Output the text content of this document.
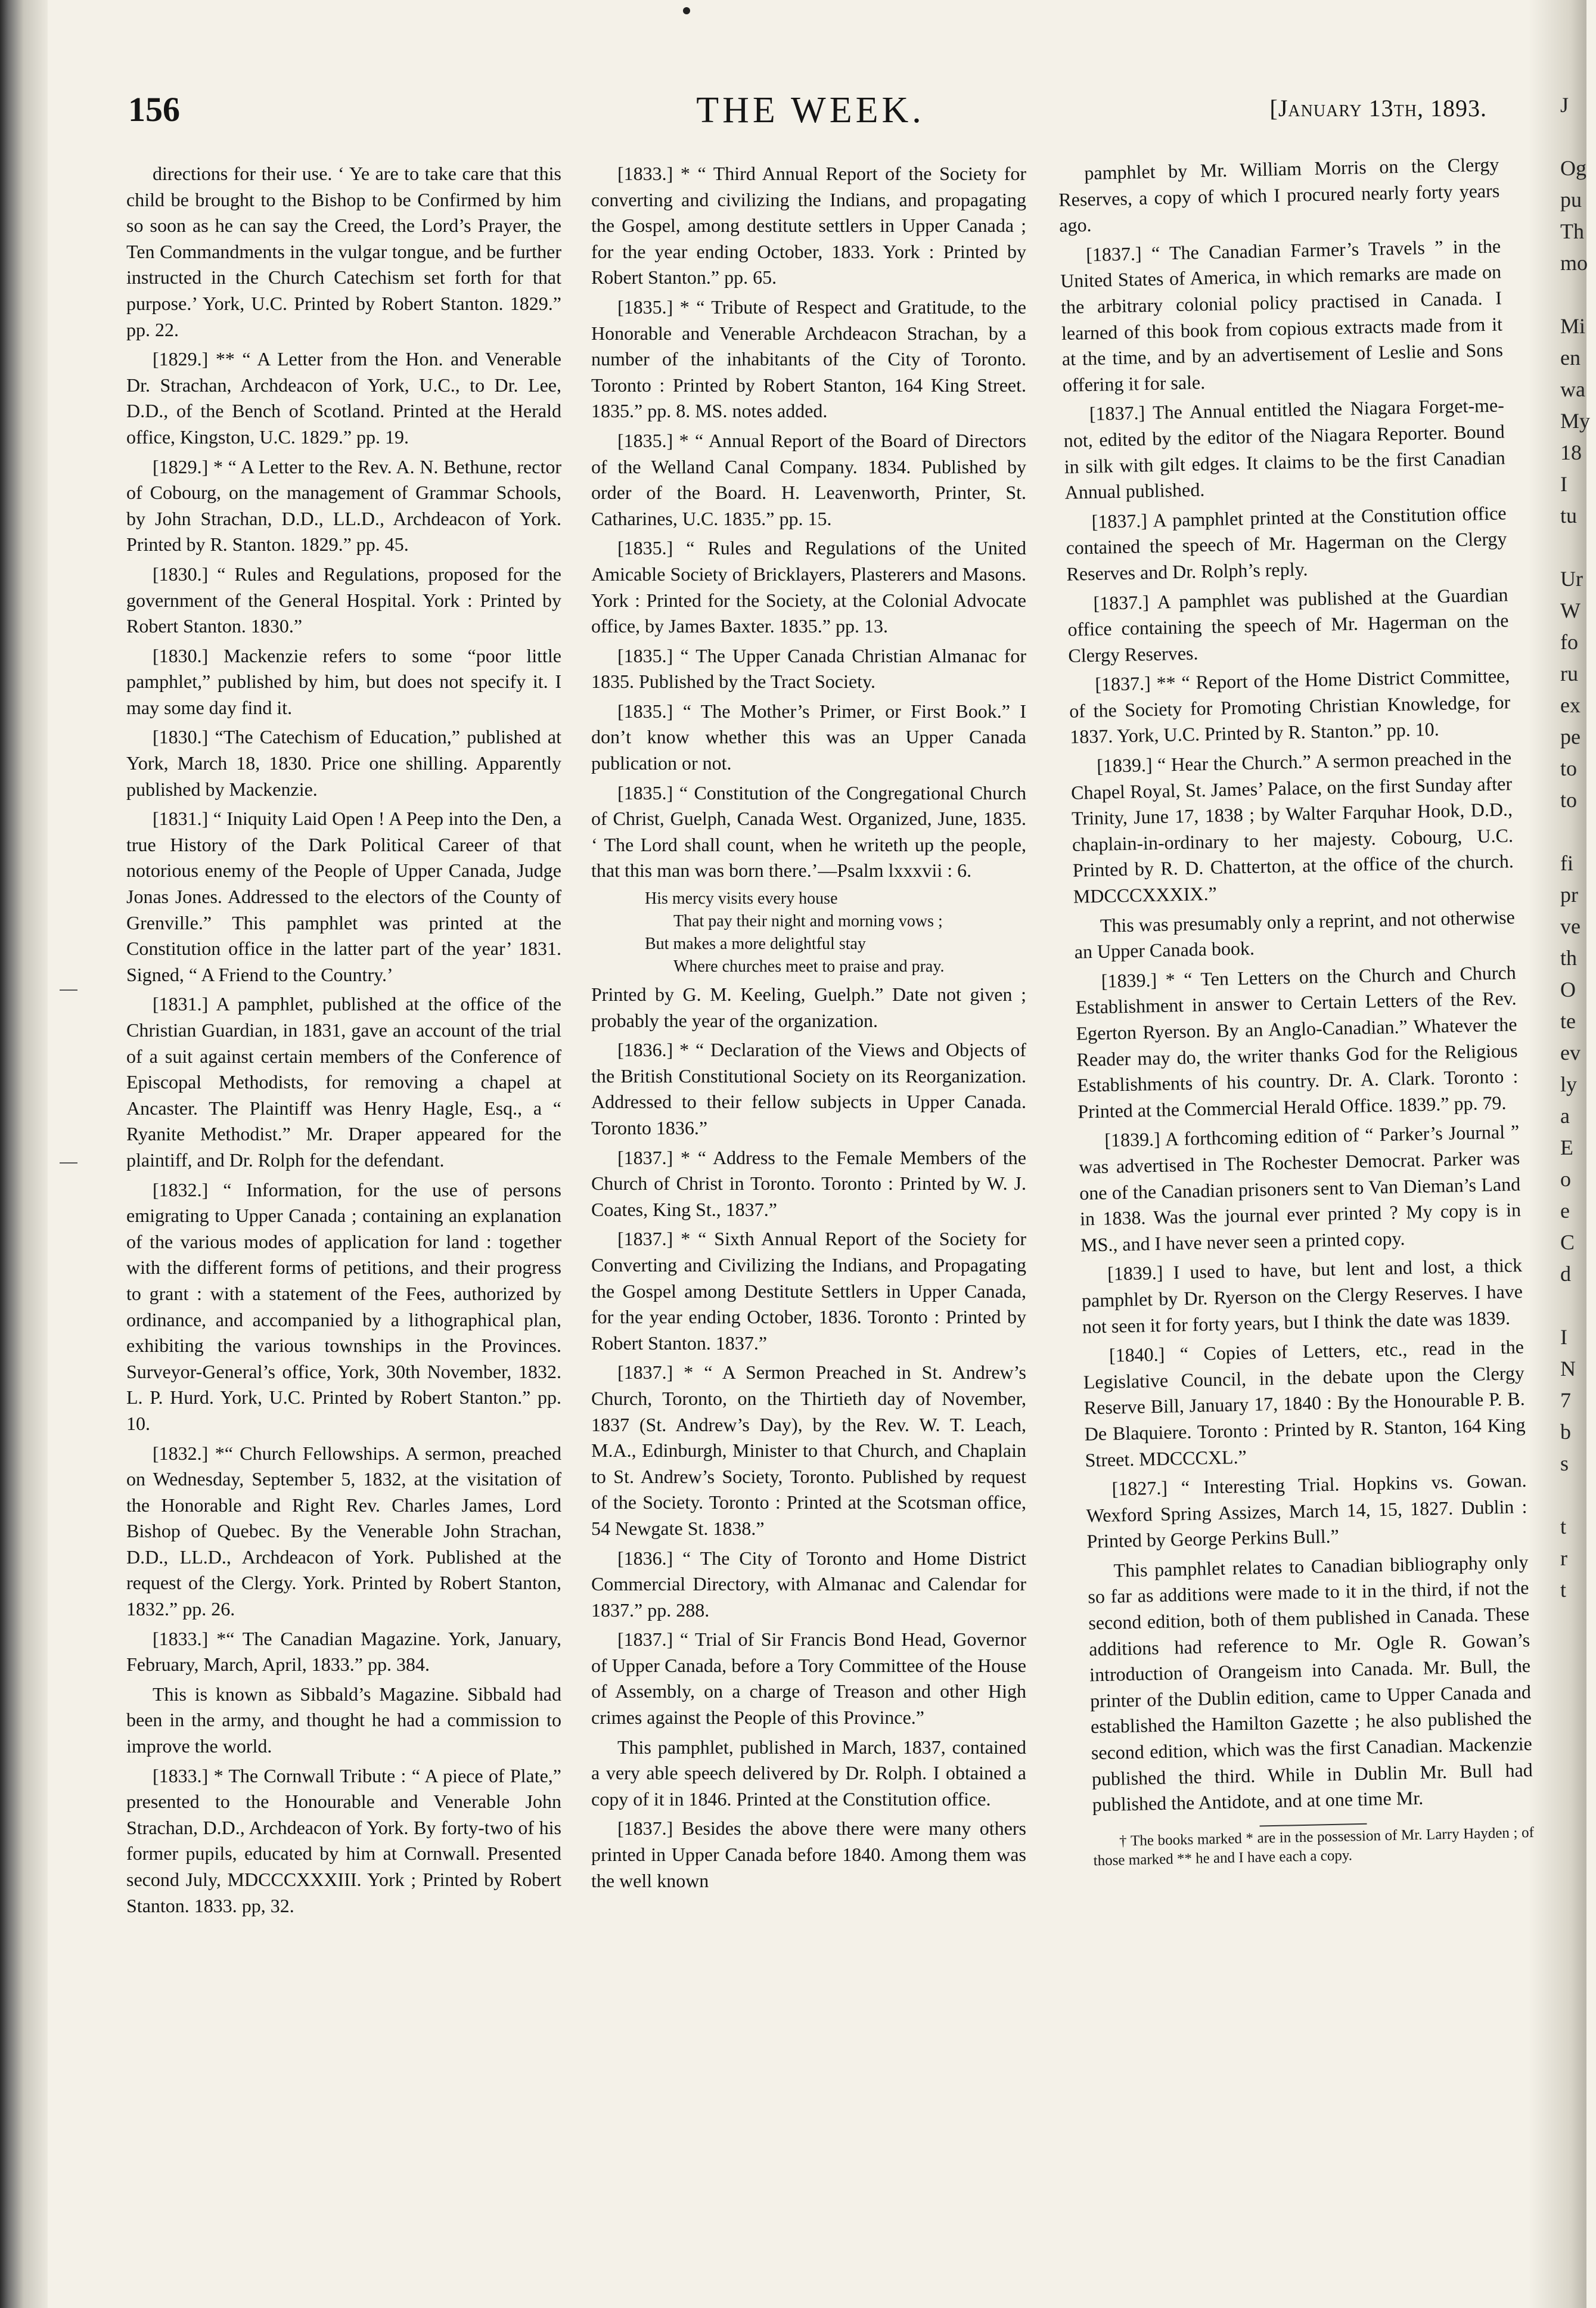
THE WEEK.
156	[January 13th, 1893.

directions for their use. ‘ Ye are to take care that this child be brought to the Bishop to be Confirmed by him so soon as he can say the Creed, the Lord’s Prayer, the Ten Commandments in the vulgar tongue, and be further instructed in the Church Catechism set forth for that purpose.’ York, U.C. Printed by Robert Stanton. 1829.” pp. 22.

[1829.] ** “ A Letter from the Hon. and Venerable Dr. Strachan, Archdeacon of York, U.C., to Dr. Lee, D.D., of the Bench of Scotland. Printed at the Herald office, Kingston, U.C. 1829.” pp. 19.

[1829.] * “ A Letter to the Rev. A. N. Bethune, rector of Cobourg, on the management of Grammar Schools, by John Strachan, D.D., LL.D., Archdeacon of York. Printed by R. Stanton. 1829.” pp. 45.

[1830.] “ Rules and Regulations, proposed for the government of the General Hospital. York : Printed by Robert Stanton. 1830.”

[1830.] Mackenzie refers to some “poor little pamphlet,” published by him, but does not specify it. I may some day find it.

[1830.] “The Catechism of Education,” published at York, March 18, 1830. Price one shilling. Apparently published by Mackenzie.

[1831.] “ Iniquity Laid Open ! A Peep into the Den, a true History of the Dark Political Career of that notorious enemy of the People of Upper Canada, Judge Jonas Jones. Addressed to the electors of the County of Grenville.” This pamphlet was printed at the Constitution office in the latter part of the year’ 1831. Signed, “ A Friend to the Country.’

[1831.] A pamphlet, published at the office of the Christian Guardian, in 1831, gave an account of the trial of a suit against certain members of the Conference of Episcopal Methodists, for removing a chapel at Ancaster. The Plaintiff was Henry Hagle, Esq., a “ Ryanite Methodist.” Mr. Draper appeared for the plaintiff, and Dr. Rolph for the defendant.

[1832.] “ Information, for the use of persons emigrating to Upper Canada ; containing an explanation of the various modes of application for land : together with the different forms of petitions, and their progress to grant : with a statement of the Fees, authorized by ordinance, and accompanied by a lithographical plan, exhibiting the various townships in the Provinces. Surveyor-General’s office, York, 30th November, 1832. L. P. Hurd. York, U.C. Printed by Robert Stanton.” pp. 10.

[1832.] *“ Church Fellowships. A sermon, preached on Wednesday, September 5, 1832, at the visitation of the Honorable and Right Rev. Charles James, Lord Bishop of Quebec. By the Venerable John Strachan, D.D., LL.D., Archdeacon of York. Published at the request of the Clergy. York. Printed by Robert Stanton, 1832.” pp. 26.

[1833.] *“ The Canadian Magazine. York, January, February, March, April, 1833.” pp. 384.

This is known as Sibbald’s Magazine. Sibbald had been in the army, and thought he had a commission to improve the world.

[1833.] * The Cornwall Tribute : “ A piece of Plate,” presented to the Honourable and Venerable John Strachan, D.D., Archdeacon of York. By forty-two of his former pupils, educated by him at Cornwall. Presented second July, MDCCCXXXIII. York ; Printed by Robert Stanton. 1833. pp, 32.

[1833.] * “ Third Annual Report of the Society for converting and civilizing the Indians, and propagating the Gospel, among destitute settlers in Upper Canada ; for the year ending October, 1833. York : Printed by Robert Stanton.” pp. 65.

[1835.] * “ Tribute of Respect and Gratitude, to the Honorable and Venerable Archdeacon Strachan, by a number of the inhabitants of the City of Toronto. Toronto : Printed by Robert Stanton, 164 King Street. 1835.” pp. 8. MS. notes added.

[1835.] * “ Annual Report of the Board of Directors of the Welland Canal Company. 1834. Published by order of the Board. H. Leavenworth, Printer, St. Catharines, U.C. 1835.” pp. 15.

[1835.] “ Rules and Regulations of the United Amicable Society of Bricklayers, Plasterers and Masons. York : Printed for the Society, at the Colonial Advocate office, by James Baxter. 1835.” pp. 13.

[1835.] “ The Upper Canada Christian Almanac for 1835. Published by the Tract Society.

[1835.] “ The Mother’s Primer, or First Book.” I don’t know whether this was an Upper Canada publication or not.

[1835.] “ Constitution of the Congregational Church of Christ, Guelph, Canada West. Organized, June, 1835. ‘ The Lord shall count, when he writeth up the people, that this man was born there.’—Psalm lxxxvii : 6.

His mercy visits every house
That pay their night and morning vows ;
But makes a more delightful stay
Where churches meet to praise and pray.

Printed by G. M. Keeling, Guelph.” Date not given ; probably the year of the organization.

[1836.] * “ Declaration of the Views and Objects of the British Constitutional Society on its Reorganization. Addressed to their fellow subjects in Upper Canada. Toronto 1836.”

[1837.] * “ Address to the Female Members of the Church of Christ in Toronto. Toronto : Printed by W. J. Coates, King St., 1837.”

[1837.] * “ Sixth Annual Report of the Society for Converting and Civilizing the Indians, and Propagating the Gospel among Destitute Settlers in Upper Canada, for the year ending October, 1836. Toronto : Printed by Robert Stanton. 1837.”

[1837.] * “ A Sermon Preached in St. Andrew’s Church, Toronto, on the Thirtieth day of November, 1837 (St. Andrew’s Day), by the Rev. W. T. Leach, M.A., Edinburgh, Minister to that Church, and Chaplain to St. Andrew’s Society, Toronto. Published by request of the Society. Toronto : Printed at the Scotsman office, 54 Newgate St. 1838.”

[1836.] “ The City of Toronto and Home District Commercial Directory, with Almanac and Calendar for 1837.” pp. 288.

[1837.] “ Trial of Sir Francis Bond Head, Governor of Upper Canada, before a Tory Committee of the House of Assembly, on a charge of Treason and other High crimes against the People of this Province.”

This pamphlet, published in March, 1837, contained a very able speech delivered by Dr. Rolph. I obtained a copy of it in 1846. Printed at the Constitution office.

[1837.] Besides the above there were many others printed in Upper Canada before 1840. Among them was the well known

pamphlet by Mr. William Morris on the Clergy Reserves, a copy of which I procured nearly forty years ago.

[1837.] “ The Canadian Farmer’s Travels ” in the United States of America, in which remarks are made on the arbitrary colonial policy practised in Canada. I learned of this book from copious extracts made from it at the time, and by an advertisement of Leslie and Sons offering it for sale.

[1837.] The Annual entitled the Niagara Forget-me-not, edited by the editor of the Niagara Reporter. Bound in silk with gilt edges. It claims to be the first Canadian Annual published.

[1837.] A pamphlet printed at the Constitution office contained the speech of Mr. Hagerman on the Clergy Reserves and Dr. Rolph’s reply.

[1837.] A pamphlet was published at the Guardian office containing the speech of Mr. Hagerman on the Clergy Reserves.

[1837.] ** “ Report of the Home District Committee, of the Society for Promoting Christian Knowledge, for 1837. York, U.C. Printed by R. Stanton.” pp. 10.

[1839.] “ Hear the Church.” A sermon preached in the Chapel Royal, St. James’ Palace, on the first Sunday after Trinity, June 17, 1838 ; by Walter Farquhar Hook, D.D., chaplain-in-ordinary to her majesty. Cobourg, U.C. Printed by R. D. Chatterton, at the office of the church. MDCCCXXXIX.”

This was presumably only a reprint, and not otherwise an Upper Canada book.

[1839.] * “ Ten Letters on the Church and Church Establishment in answer to Certain Letters of the Rev. Egerton Ryerson. By an Anglo-Canadian.” Whatever the Reader may do, the writer thanks God for the Religious Establishments of his country. Dr. A. Clark. Toronto : Printed at the Commercial Herald Office. 1839.” pp. 79.

[1839.] A forthcoming edition of “ Parker’s Journal ” was advertised in The Rochester Democrat. Parker was one of the Canadian prisoners sent to Van Dieman’s Land in 1838. Was the journal ever printed ? My copy is in MS., and I have never seen a printed copy.

[1839.] I used to have, but lent and lost, a thick pamphlet by Dr. Ryerson on the Clergy Reserves. I have not seen it for forty years, but I think the date was 1839.

[1840.] “ Copies of Letters, etc., read in the Legislative Council, in the debate upon the Clergy Reserve Bill, January 17, 1840 : By the Honourable P. B. De Blaquiere. Toronto : Printed by R. Stanton, 164 King Street. MDCCCXL.”

[1827.] “ Interesting Trial. Hopkins vs. Gowan. Wexford Spring Assizes, March 14, 15, 1827. Dublin : Printed by George Perkins Bull.”

This pamphlet relates to Canadian bibliography only so far as additions were made to it in the third, if not the second edition, both of them published in Canada. These additions had reference to Mr. Ogle R. Gowan’s introduction of Orangeism into Canada. Mr. Bull, the printer of the Dublin edition, came to Upper Canada and established the Hamilton Gazette ; he also published the second edition, which was the first Canadian. Mackenzie published the third. While in Dublin Mr. Bull had published the Antidote, and at one time Mr.

† The books marked * are in the possession of Mr. Larry Hayden ; of those marked ** he and I have each a copy.

J

Og
pu
Th
mo

Mi
en
wa
My
18
I
tu

Ur
W
fo
ru
ex
pe
to
to

fi
pr
ve
th
O
te
ev
ly
a
E
o
e
C
d

I
N
7
b
s

t
r
t
